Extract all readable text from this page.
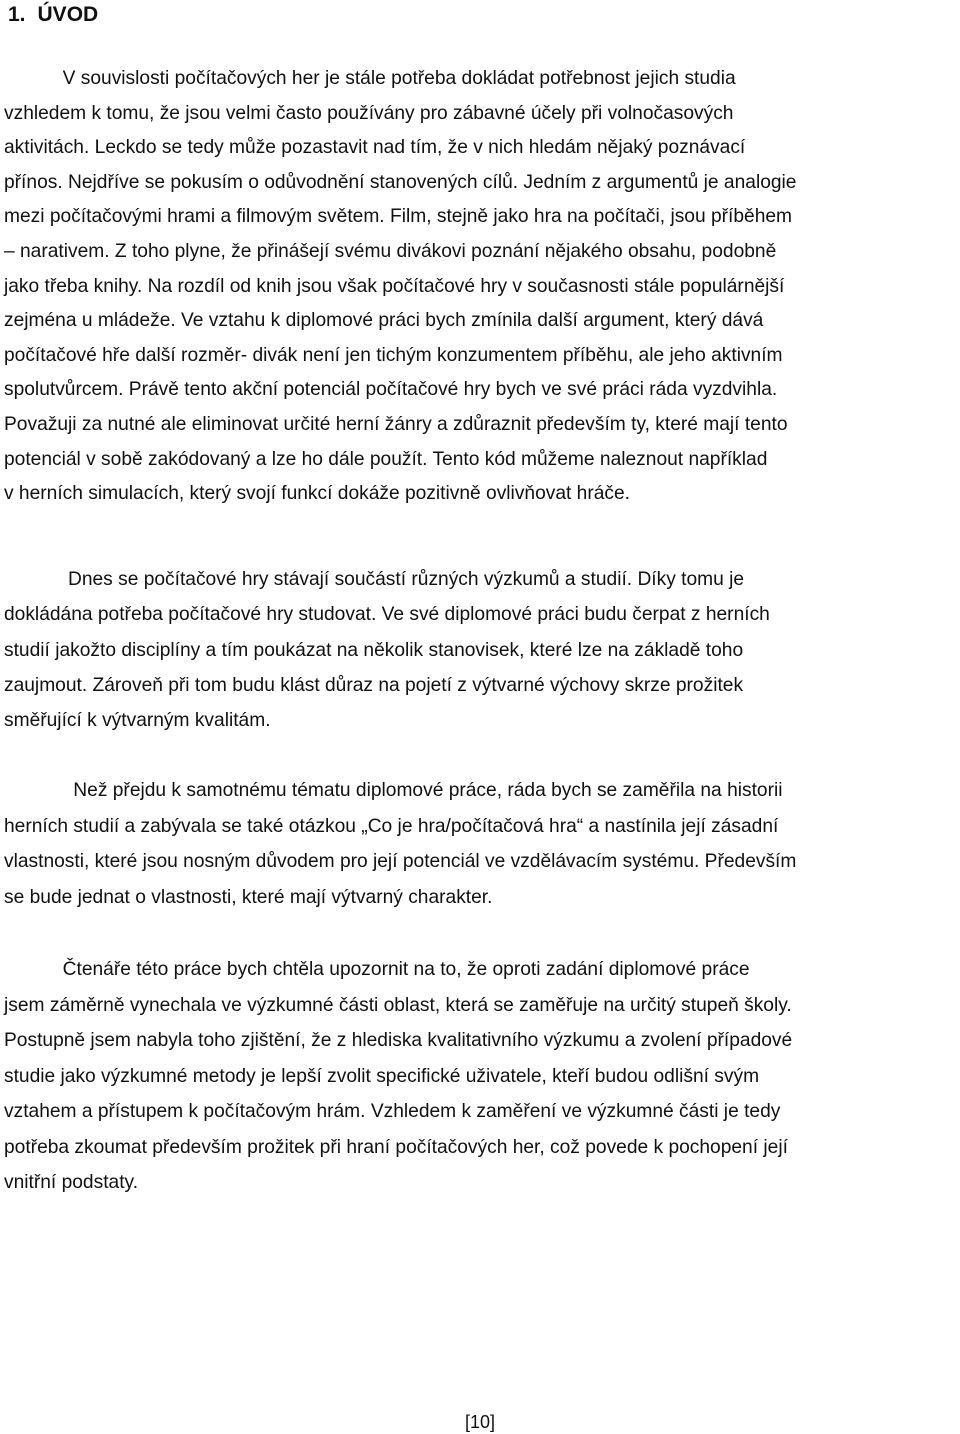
1. ÚVOD

V souvislosti počítačových her je stále potřeba dokládat potřebnost jejich studia

vzhledem k tomu, že jsou velmi často používány pro zábavné účely při volnočasových

aktivitách. Leckdo se tedy může pozastavit nad tím, že v nich hledám nějaký poznávací

přínos. Nejdříve se pokusím o odůvodnění stanovených cílů. Jedním z argumentů je analogie

mezi počítačovými hrami a filmovým světem. Film, stejně jako hra na počítači, jsou příběhem

– narativem. Z toho plyne, že přinášejí svému divákovi poznání nějakého obsahu, podobně

jako třeba knihy. Na rozdíl od knih jsou však počítačové hry v současnosti stále populárnější

zejména u mládeže. Ve vztahu k diplomové práci bych zmínila další argument, který dává

počítačové hře další rozměr- divák není jen tichým konzumentem příběhu, ale jeho aktivním

spolutvůrcem. Právě tento akční potenciál počítačové hry bych ve své práci ráda vyzdvihla.

Považuji za nutné ale eliminovat určité herní žánry a zdůraznit především ty, které mají tento

potenciál v sobě zakódovaný a lze ho dále použít. Tento kód můžeme naleznout například

v herních simulacích, který svojí funkcí dokáže pozitivně ovlivňovat hráče.

Dnes se počítačové hry stávají součástí různých výzkumů a studií. Díky tomu je

dokládána potřeba počítačové hry studovat. Ve své diplomové práci budu čerpat z herních

studií jakožto disciplíny a tím poukázat na několik stanovisek, které lze na základě toho

zaujmout. Zároveň při tom budu klást důraz na pojetí z výtvarné výchovy skrze prožitek

směřující k výtvarným kvalitám.

Než přejdu k samotnému tématu diplomové práce, ráda bych se zaměřila na historii

herních studií a zabývala se také otázkou „Co je hra/počítačová hra“ a nastínila její zásadní

vlastnosti, které jsou nosným důvodem pro její potenciál ve vzdělávacím systému. Především

se bude jednat o vlastnosti, které mají výtvarný charakter.

Čtenáře této práce bych chtěla upozornit na to, že oproti zadání diplomové práce

jsem záměrně vynechala ve výzkumné části oblast, která se zaměřuje na určitý stupeň školy.

Postupně jsem nabyla toho zjištění, že z hlediska kvalitativního výzkumu a zvolení případové

studie jako výzkumné metody je lepší zvolit specifické uživatele, kteří budou odlišní svým

vztahem a přístupem k počítačovým hrám. Vzhledem k zaměření ve výzkumné části je tedy

potřeba zkoumat především prožitek při hraní počítačových her, což povede k pochopení její

vnitřní podstaty.

[10]
